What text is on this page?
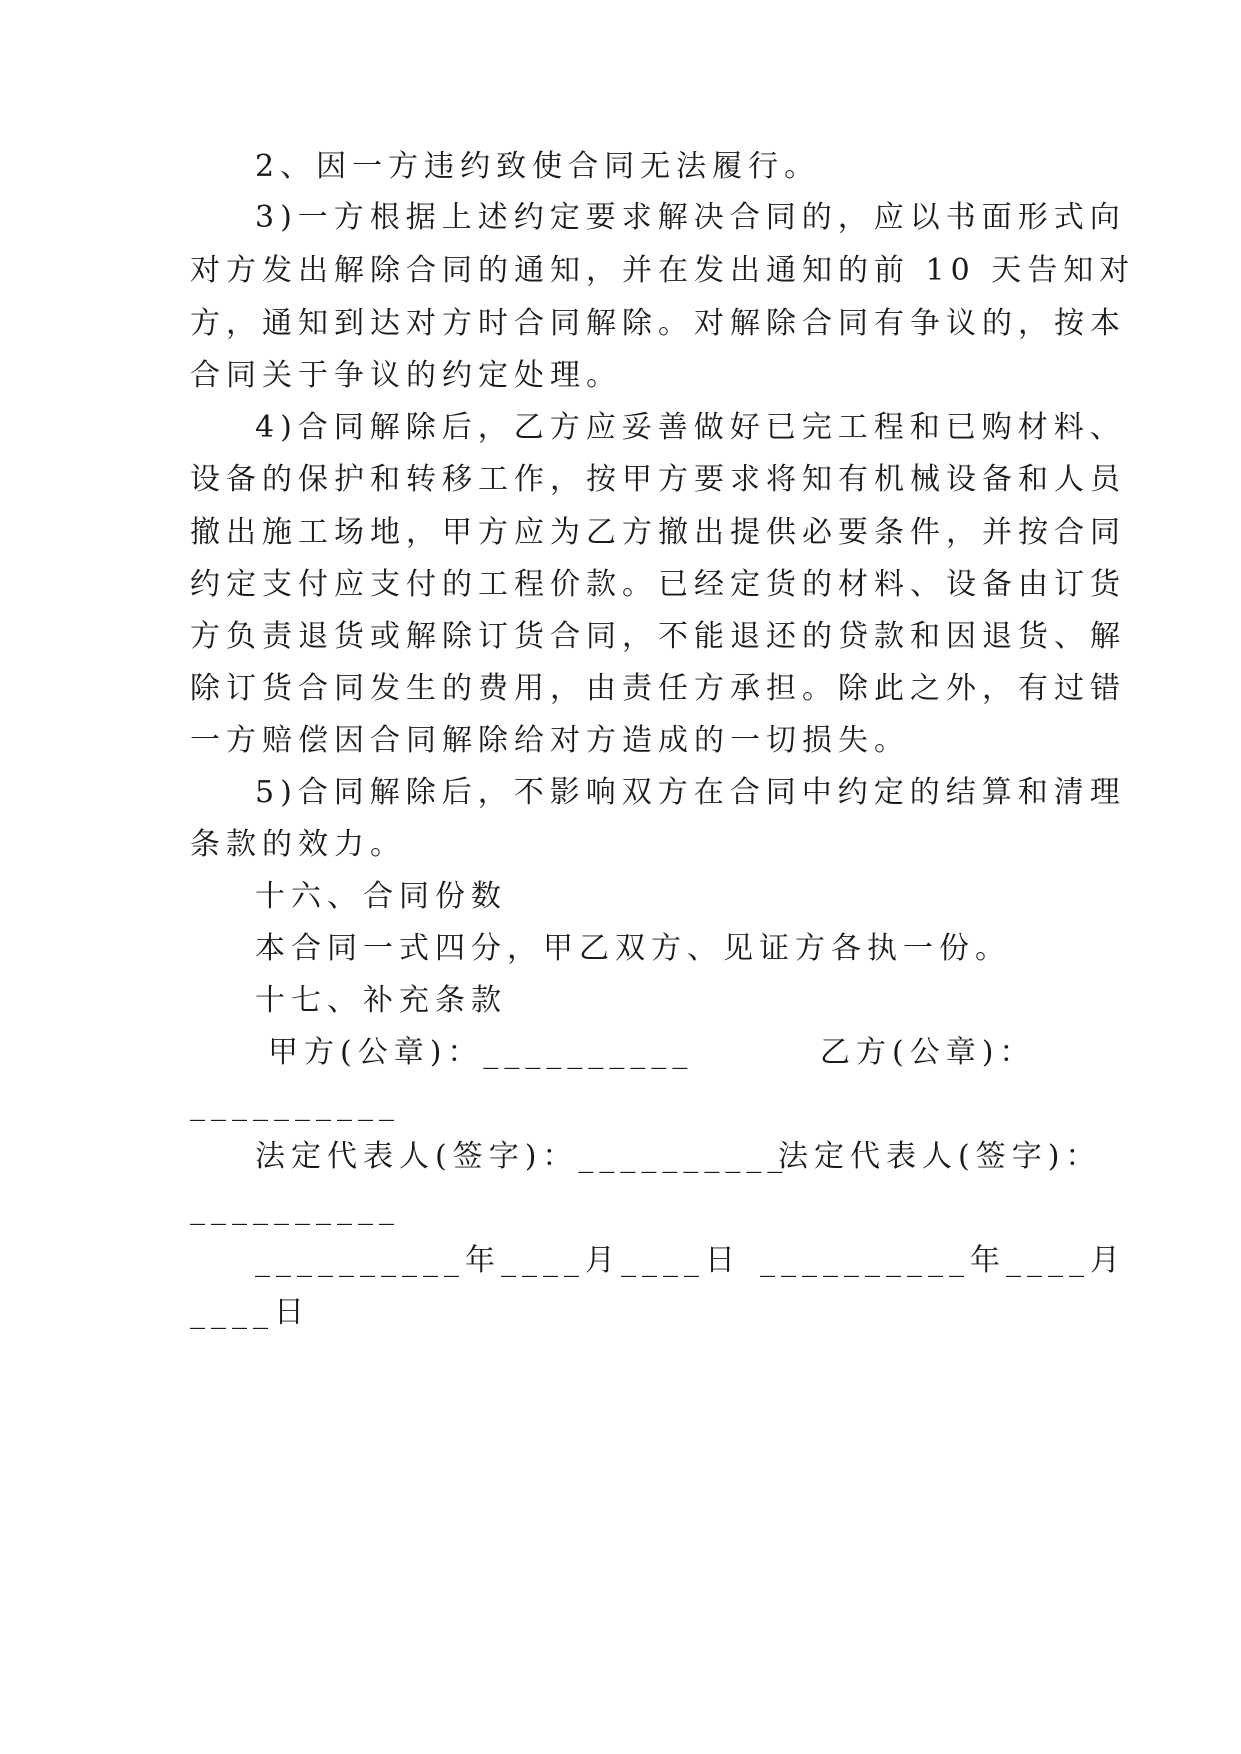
2、因一方违约致使合同无法履行。
3)一方根据上述约定要求解决合同的，应以书面形式向
对方发出解除合同的通知，并在发出通知的前 10 天告知对
方，通知到达对方时合同解除。对解除合同有争议的，按本
合同关于争议的约定处理。
4)合同解除后，乙方应妥善做好已完工程和已购材料、
设备的保护和转移工作，按甲方要求将知有机械设备和人员
撤出施工场地，甲方应为乙方撤出提供必要条件，并按合同
约定支付应支付的工程价款。已经定货的材料、设备由订货
方负责退货或解除订货合同，不能退还的贷款和因退货、解
除订货合同发生的费用，由责任方承担。除此之外，有过错
一方赔偿因合同解除给对方造成的一切损失。
5)合同解除后，不影响双方在合同中约定的结算和清理
条款的效力。
十六、合同份数
本合同一式四分，甲乙双方、见证方各执一份。
十七、补充条款
甲方(公章)：__________	乙方(公章)：
__________
法定代表人(签字)：__________
法定代表人(签字)：
__________
__________年____月____日 __________年____月
____日
